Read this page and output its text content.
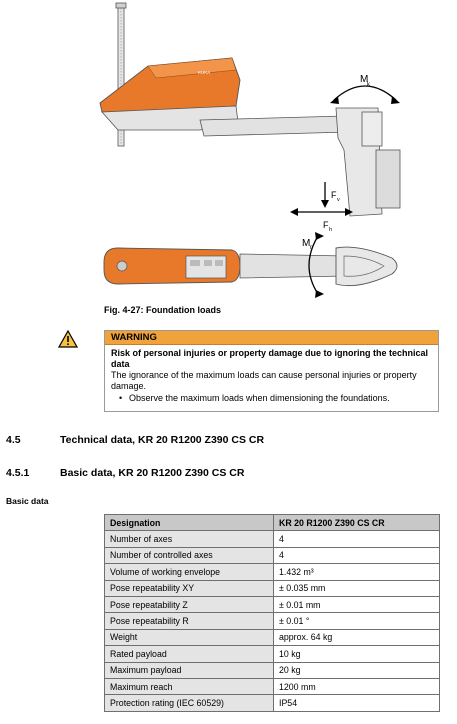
KUKA
M
k
F v
F h
M r
Fig. 4-27: Foundation loads
WARNING
Risk of personal injuries or property damage due to ignoring the technical data
The ignorance of the maximum loads can cause personal injuries or property damage.
• Observe the maximum loads when dimensioning the foundations.
4.5	Technical data, KR 20 R1200 Z390 CS CR
4.5.1	Basic data, KR 20 R1200 Z390 CS CR
Basic data
Designation	KR 20 R1200 Z390 CS CR
Number of axes	4
Number of controlled axes	4
Volume of working envelope	1.432 m³
Pose repeatability XY	± 0.035 mm
Pose repeatability Z	± 0.01 mm
Pose repeatability R	± 0.01 °
Weight	approx. 64 kg
Rated payload	10 kg
Maximum payload	20 kg
Maximum reach	1200 mm
Protection rating (IEC 60529)	IP54
